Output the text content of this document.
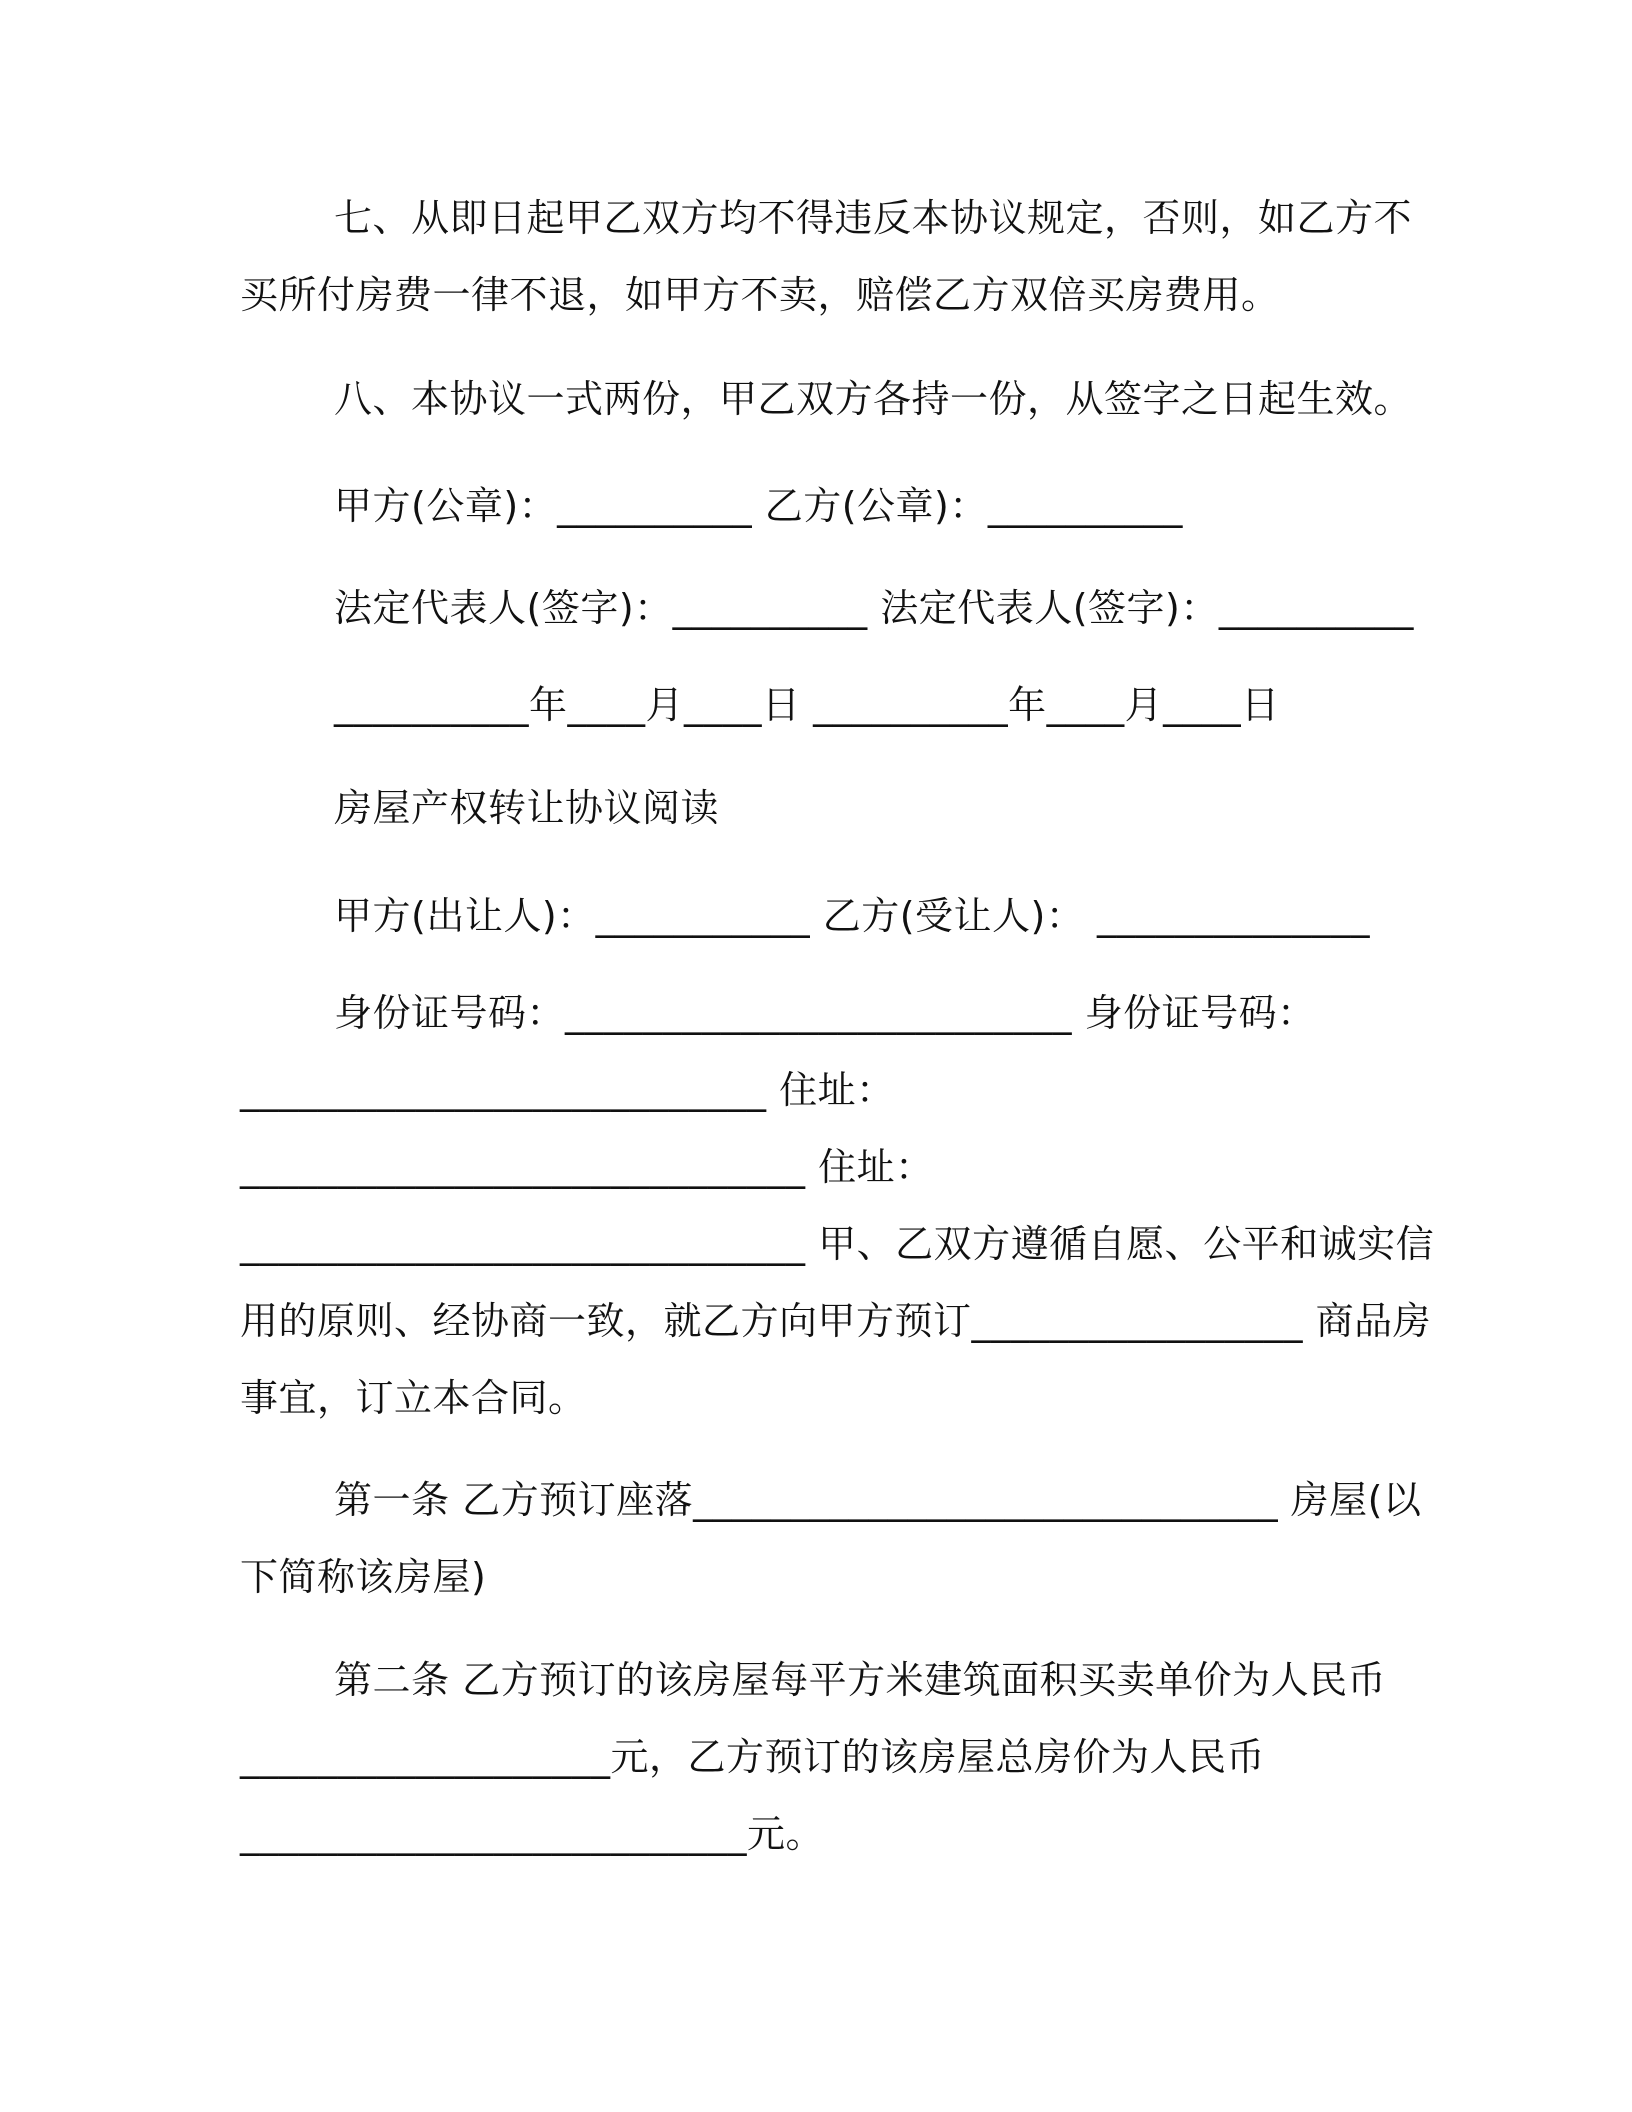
七、从即日起甲乙双方均不得违反本协议规定，否则，如乙方不
买所付房费一律不退，如甲方不卖，赔偿乙方双倍买房费用。
八、本协议一式两份，甲乙双方各持一份，从签字之日起生效。
甲方(公章)：__________ 乙方(公章)：__________
法定代表人(签字)：__________ 法定代表人(签字)：__________
__________年____月____日 __________年____月____日
房屋产权转让协议阅读
甲方(出让人)：___________ 乙方(受让人)： ______________
身份证号码：__________________________ 身份证号码：
___________________________ 住址：
_____________________________ 住址：
_____________________________ 甲、乙双方遵循自愿、公平和诚实信
用的原则、经协商一致，就乙方向甲方预订_________________ 商品房
事宜，订立本合同。
第一条 乙方预订座落______________________________ 房屋(以
下简称该房屋)
第二条 乙方预订的该房屋每平方米建筑面积买卖单价为人民币
___________________元，乙方预订的该房屋总房价为人民币
__________________________元。
